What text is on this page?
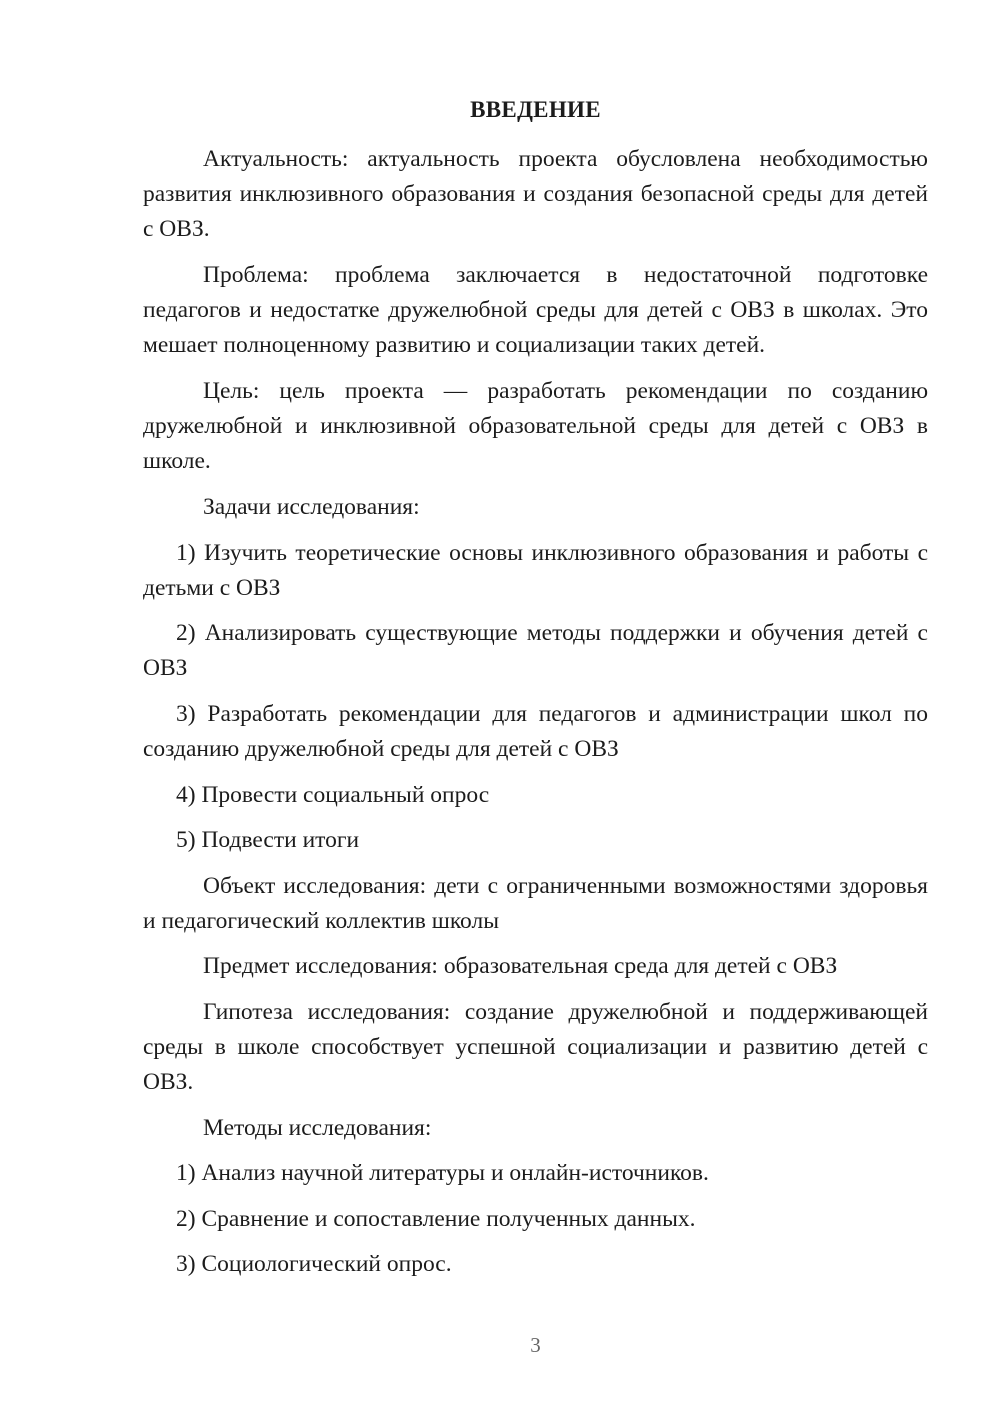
ВВЕДЕНИЕ

Актуальность: актуальность проекта обусловлена необходимостью развития инклюзивного образования и создания безопасной среды для детей с ОВЗ.

Проблема: проблема заключается в недостаточной подготовке педагогов и недостатке дружелюбной среды для детей с ОВЗ в школах. Это мешает полноценному развитию и социализации таких детей.

Цель: цель проекта — разработать рекомендации по созданию дружелюбной и инклюзивной образовательной среды для детей с ОВЗ в школе.

Задачи исследования:

1) Изучить теоретические основы инклюзивного образования и работы с детьми с ОВЗ

2) Анализировать существующие методы поддержки и обучения детей с ОВЗ

3) Разработать рекомендации для педагогов и администрации школ по созданию дружелюбной среды для детей с ОВЗ

4) Провести социальный опрос

5) Подвести итоги

Объект исследования: дети с ограниченными возможностями здоровья и педагогический коллектив школы

Предмет исследования: образовательная среда для детей с ОВЗ

Гипотеза исследования: создание дружелюбной и поддерживающей среды в школе способствует успешной социализации и развитию детей с ОВЗ.

Методы исследования:

1) Анализ научной литературы и онлайн-источников.

2) Сравнение и сопоставление полученных данных.

3) Социологический опрос.

3
